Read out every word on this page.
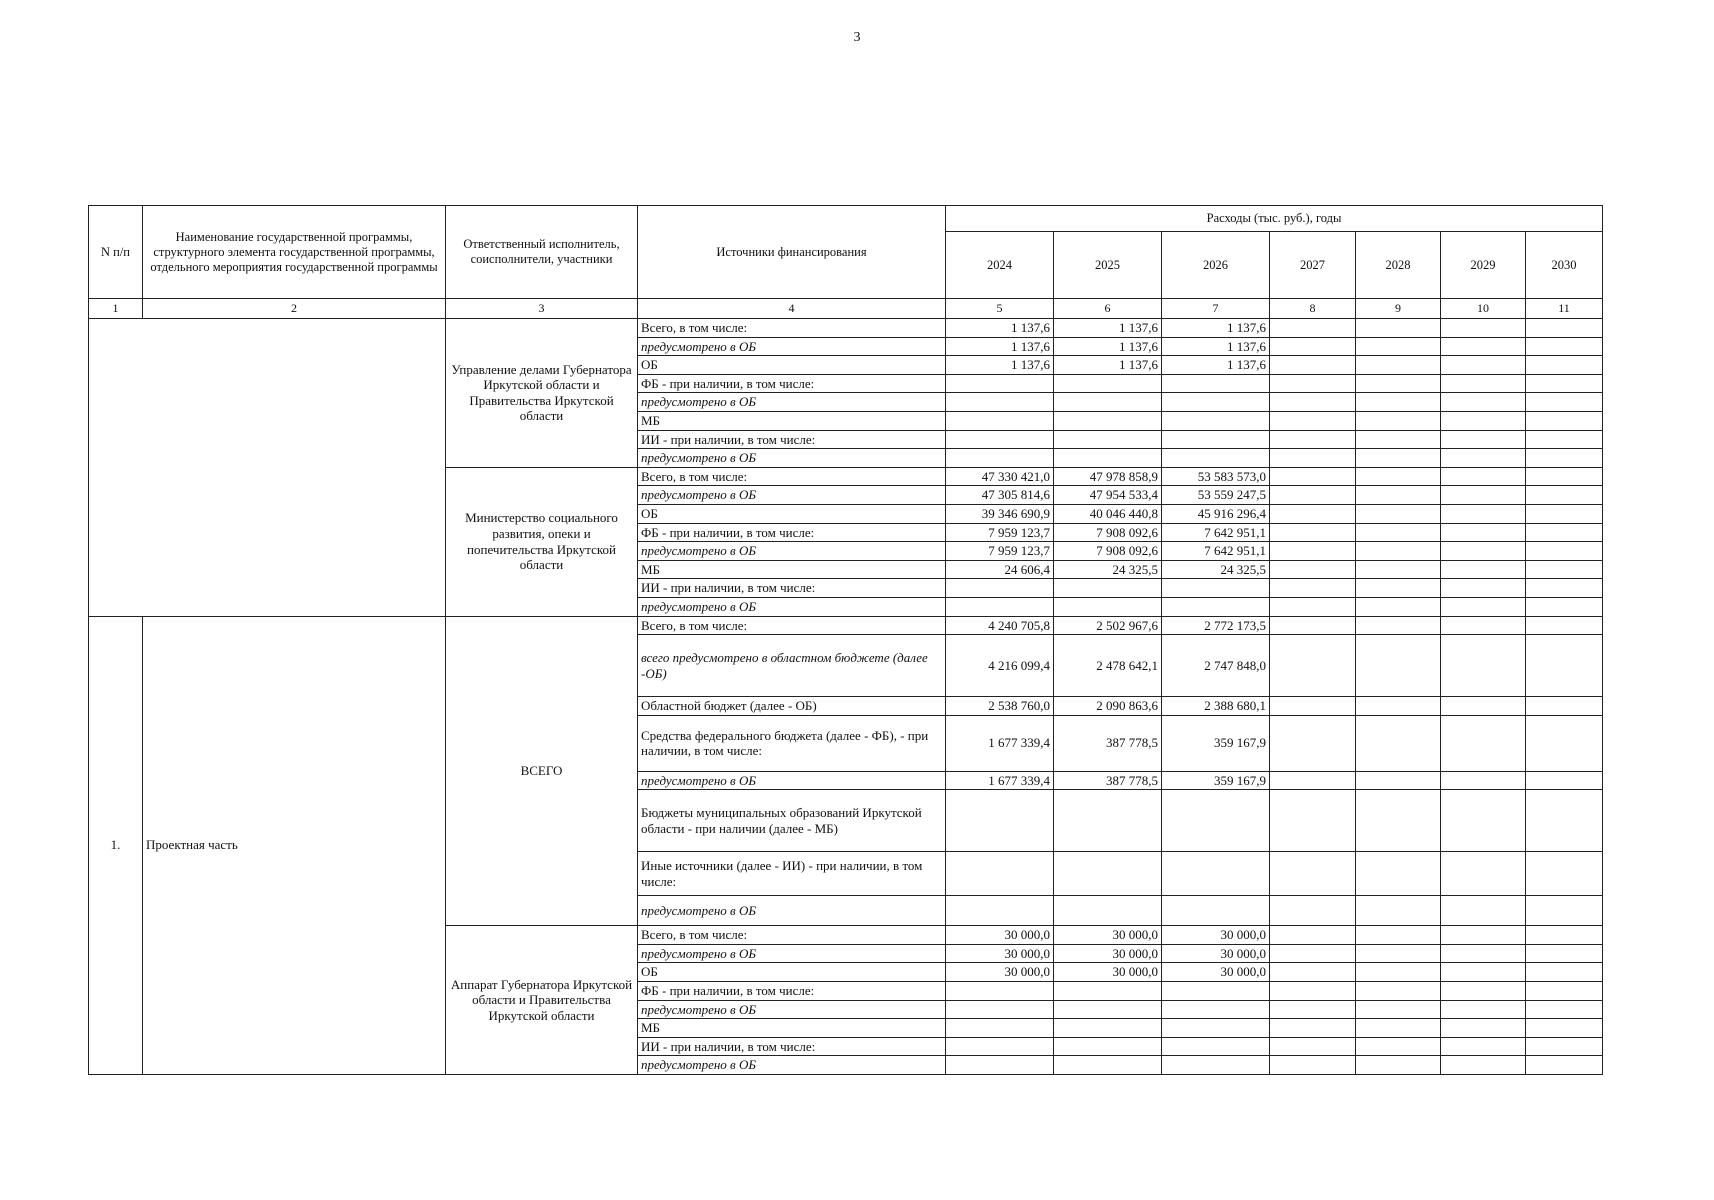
3
N п/п	Наименование государственной программы, структурного элемента государственной программы, отдельного мероприятия государственной программы	Ответственный исполнитель, соисполнители, участники	Источники финансирования	Расходы (тыс. руб.), годы						
				2024	2025	2026	2027	2028	2029	2030
1	2	3	4	5	6	7	8	9	10	11
		Управление делами Губернатора Иркутской области и Правительства Иркутской области	Всего, в том числе:	1 137,6	1 137,6	1 137,6				
			предусмотрено в ОБ	1 137,6	1 137,6	1 137,6				
			ОБ	1 137,6	1 137,6	1 137,6				
			ФБ - при наличии, в том числе:							
			предусмотрено в ОБ							
			МБ							
			ИИ - при наличии, в том числе:							
			предусмотрено в ОБ							
		Министерство социального развития, опеки и попечительства Иркутской области	Всего, в том числе:	47 330 421,0	47 978 858,9	53 583 573,0				
			предусмотрено в ОБ	47 305 814,6	47 954 533,4	53 559 247,5				
			ОБ	39 346 690,9	40 046 440,8	45 916 296,4				
			ФБ - при наличии, в том числе:	7 959 123,7	7 908 092,6	7 642 951,1				
			предусмотрено в ОБ	7 959 123,7	7 908 092,6	7 642 951,1				
			МБ	24 606,4	24 325,5	24 325,5				
			ИИ - при наличии, в том числе:							
			предусмотрено в ОБ							
1.	Проектная часть	ВСЕГО	Всего, в том числе:	4 240 705,8	2 502 967,6	2 772 173,5				
			всего предусмотрено в областном бюджете (далее -ОБ)	4 216 099,4	2 478 642,1	2 747 848,0				
			Областной бюджет (далее - ОБ)	2 538 760,0	2 090 863,6	2 388 680,1				
			Средства федерального бюджета (далее - ФБ), - при наличии, в том числе:	1 677 339,4	387 778,5	359 167,9				
			предусмотрено в ОБ	1 677 339,4	387 778,5	359 167,9				
			Бюджеты муниципальных образований Иркутской области - при наличии (далее - МБ)							
			Иные источники (далее - ИИ) - при наличии, в том числе:							
			предусмотрено в ОБ							
		Аппарат Губернатора Иркутской области и Правительства Иркутской области	Всего, в том числе:	30 000,0	30 000,0	30 000,0				
			предусмотрено в ОБ	30 000,0	30 000,0	30 000,0				
			ОБ	30 000,0	30 000,0	30 000,0				
			ФБ - при наличии, в том числе:							
			предусмотрено в ОБ							
			МБ							
			ИИ - при наличии, в том числе:							
			предусмотрено в ОБ							
